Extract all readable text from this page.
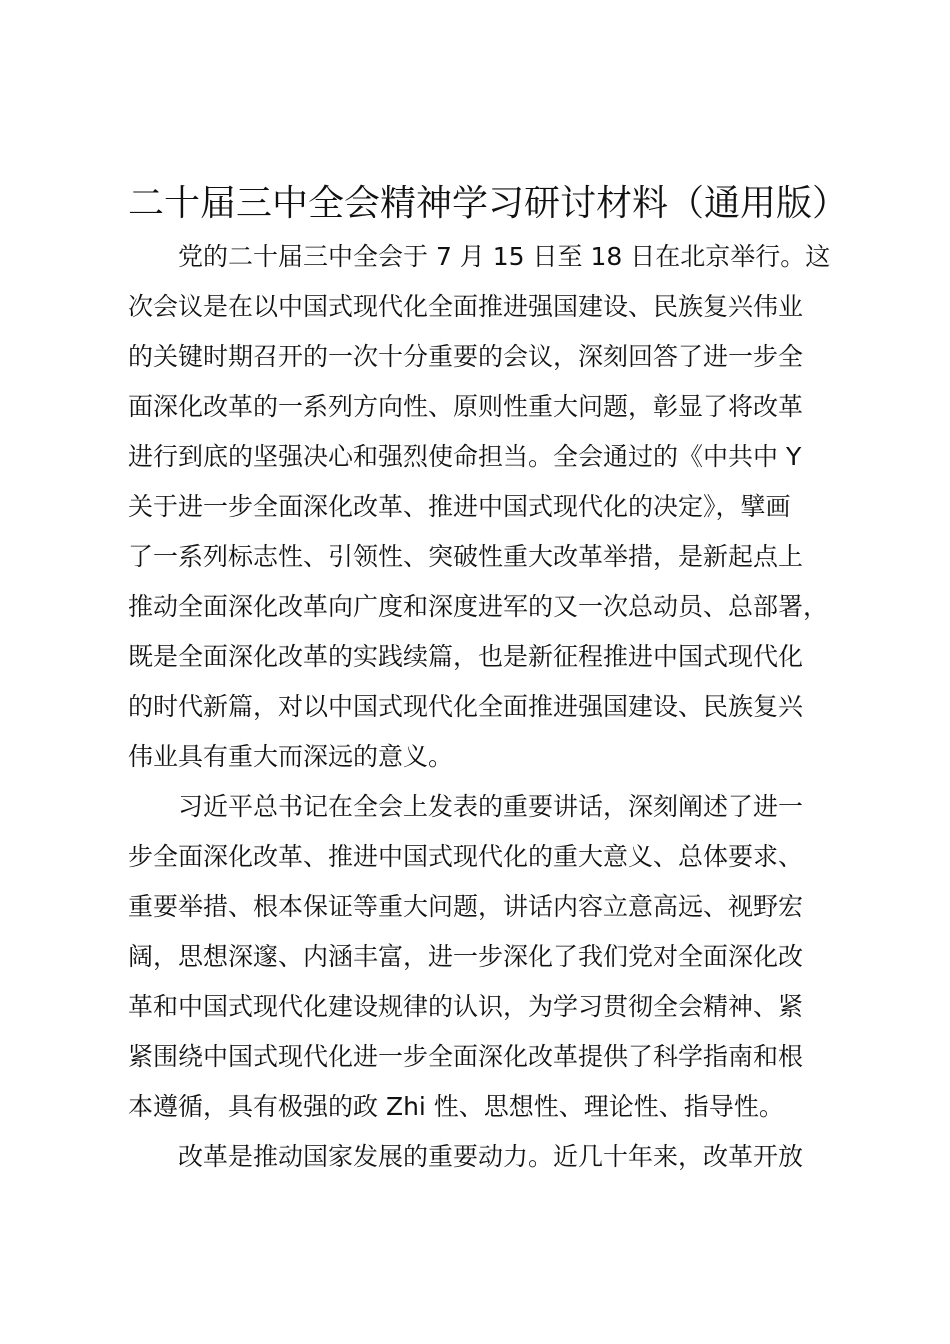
二十届三中全会精神学习研讨材料（通用版）

党的二十届三中全会于 7 月 15 日至 18 日在北京举行。这
次会议是在以中国式现代化全面推进强国建设、民族复兴伟业
的关键时期召开的一次十分重要的会议，深刻回答了进一步全
面深化改革的一系列方向性、原则性重大问题，彰显了将改革
进行到底的坚强决心和强烈使命担当。全会通过的《中共中 Y
关于进一步全面深化改革、推进中国式现代化的决定》，擘画
了一系列标志性、引领性、突破性重大改革举措，是新起点上
推动全面深化改革向广度和深度进军的又一次总动员、总部署，
既是全面深化改革的实践续篇，也是新征程推进中国式现代化
的时代新篇，对以中国式现代化全面推进强国建设、民族复兴
伟业具有重大而深远的意义。

习近平总书记在全会上发表的重要讲话，深刻阐述了进一
步全面深化改革、推进中国式现代化的重大意义、总体要求、
重要举措、根本保证等重大问题，讲话内容立意高远、视野宏
阔，思想深邃、内涵丰富，进一步深化了我们党对全面深化改
革和中国式现代化建设规律的认识，为学习贯彻全会精神、紧
紧围绕中国式现代化进一步全面深化改革提供了科学指南和根
本遵循，具有极强的政 Zhi 性、思想性、理论性、指导性。

改革是推动国家发展的重要动力。近几十年来，改革开放
